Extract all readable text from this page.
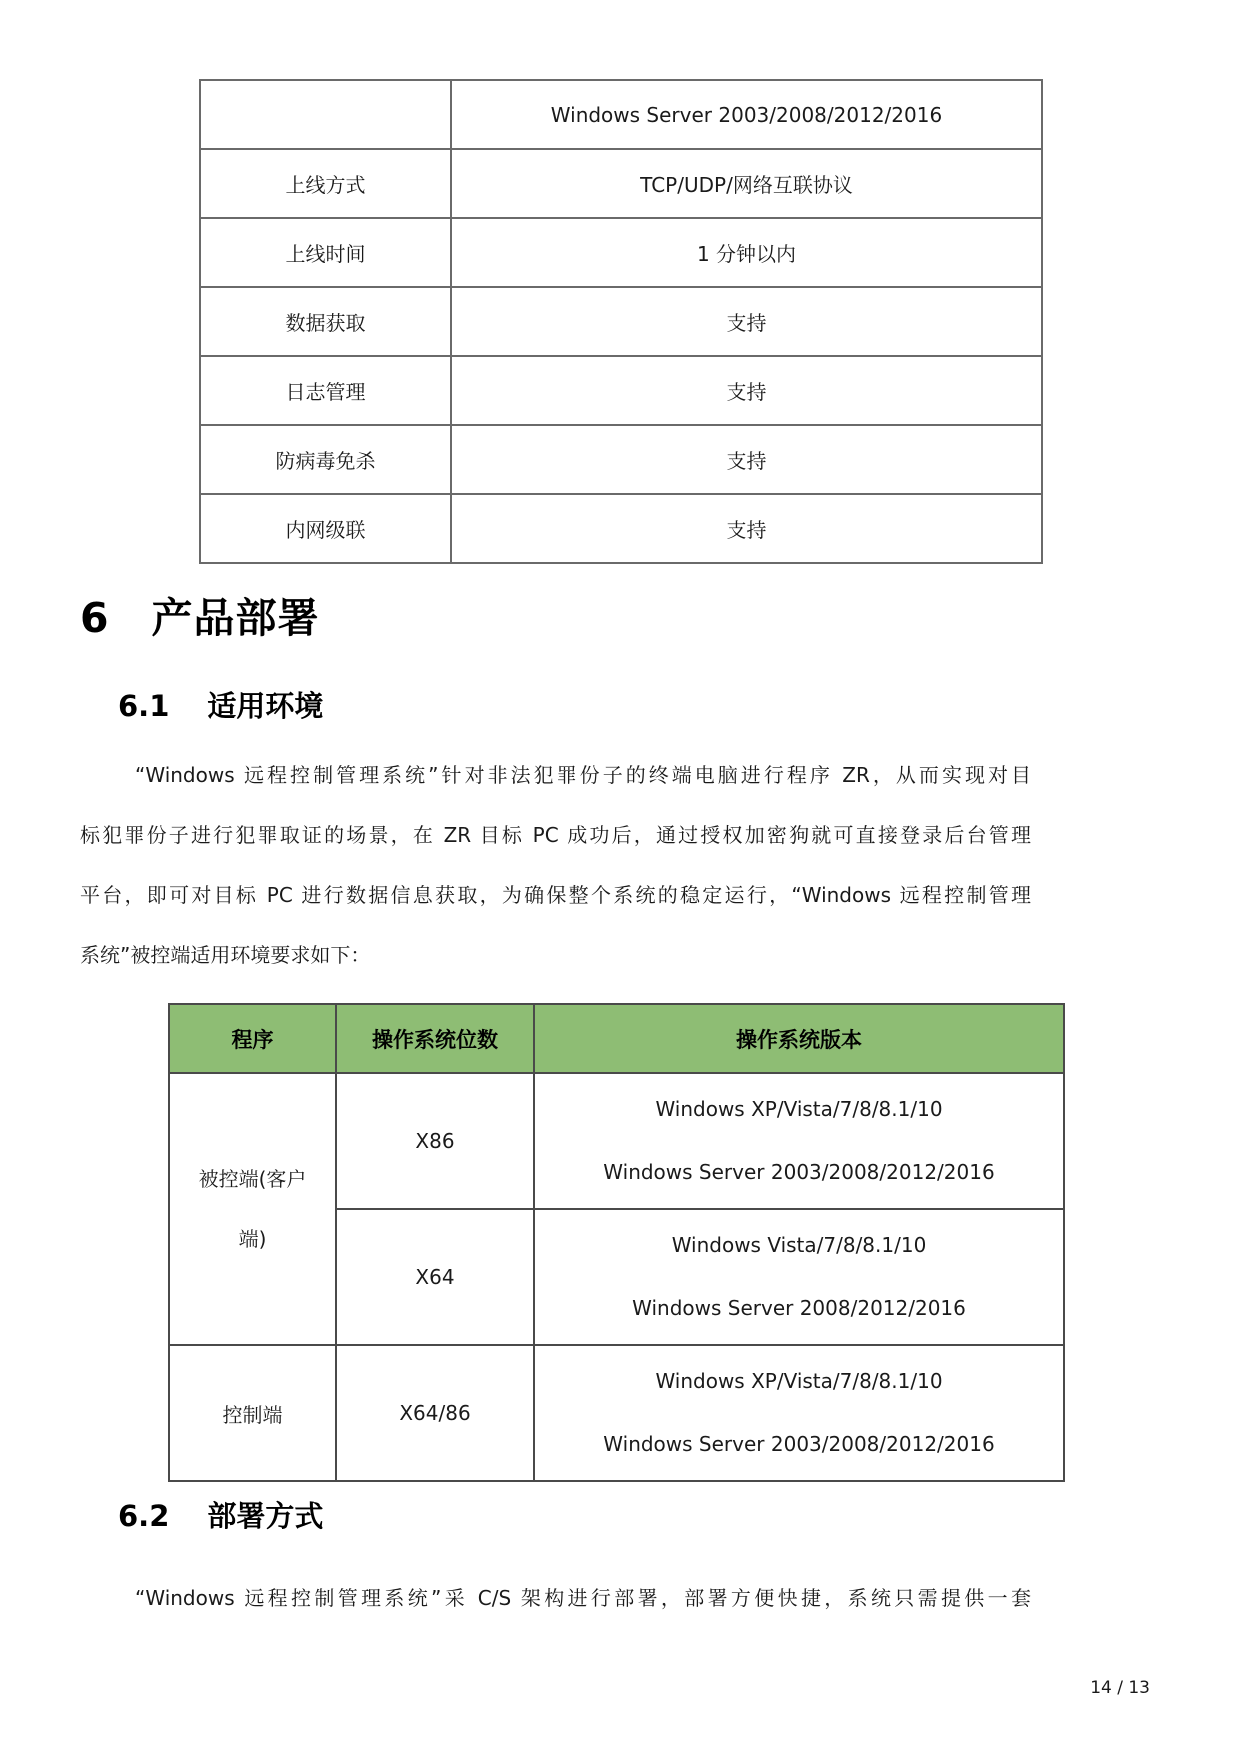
	Windows Server 2003/2008/2012/2016
上线方式	TCP/UDP/网络互联协议
上线时间	1 分钟以内
数据获取	支持
日志管理	支持
防病毒免杀	支持
内网级联	支持
6 产品部署
6.1 适用环境
“Windows 远程控制管理系统”针对非法犯罪份子的终端电脑进行程序 ZR，从而实现对目
标犯罪份子进行犯罪取证的场景，在 ZR 目标 PC 成功后，通过授权加密狗就可直接登录后台管理
平台，即可对目标 PC 进行数据信息获取，为确保整个系统的稳定运行，“Windows 远程控制管理
系统”被控端适用环境要求如下：
程序	操作系统位数	操作系统版本
被控端(客户端)	X86	Windows XP/Vista/7/8/8.1/10
Windows Server 2003/2008/2012/2016

	X64	Windows Vista/7/8/8.1/10
Windows Server 2008/2012/2016

控制端	X64/86	Windows XP/Vista/7/8/8.1/10
Windows Server 2003/2008/2012/2016
6.2 部署方式
“Windows 远程控制管理系统”采 C/S 架构进行部署，部署方便快捷，系统只需提供一套
14 / 13
